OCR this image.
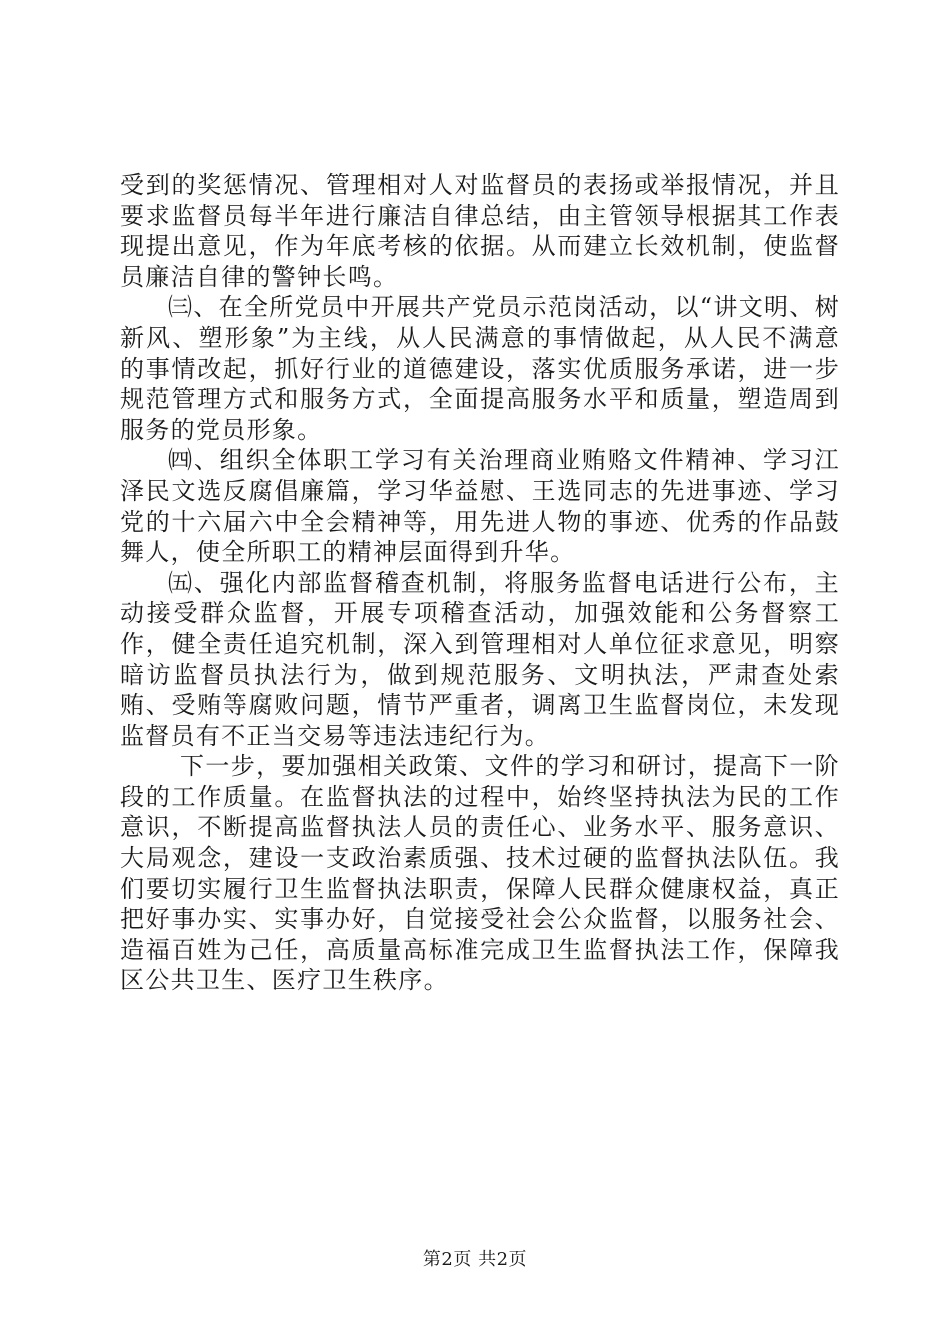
受到的奖惩情况、管理相对人对监督员的表扬或举报情况，并且要求监督员每半年进行廉洁自律总结，由主管领导根据其工作表现提出意见，作为年底考核的依据。从而建立长效机制，使监督员廉洁自律的警钟长鸣。

㈢、在全所党员中开展共产党员示范岗活动，以“讲文明、树新风、塑形象”为主线，从人民满意的事情做起，从人民不满意的事情改起，抓好行业的道德建设，落实优质服务承诺，进一步规范管理方式和服务方式，全面提高服务水平和质量，塑造周到服务的党员形象。

㈣、组织全体职工学习有关治理商业贿赂文件精神、学习江泽民文选反腐倡廉篇，学习华益慰、王选同志的先进事迹、学习党的十六届六中全会精神等，用先进人物的事迹、优秀的作品鼓舞人，使全所职工的精神层面得到升华。

㈤、强化内部监督稽查机制，将服务监督电话进行公布，主动接受群众监督，开展专项稽查活动，加强效能和公务督察工作，健全责任追究机制，深入到管理相对人单位征求意见，明察暗访监督员执法行为，做到规范服务、文明执法，严肃查处索贿、受贿等腐败问题，情节严重者，调离卫生监督岗位，未发现监督员有不正当交易等违法违纪行为。

下一步，要加强相关政策、文件的学习和研讨，提高下一阶段的工作质量。在监督执法的过程中，始终坚持执法为民的工作意识，不断提高监督执法人员的责任心、业务水平、服务意识、大局观念，建设一支政治素质强、技术过硬的监督执法队伍。我们要切实履行卫生监督执法职责，保障人民群众健康权益，真正把好事办实、实事办好，自觉接受社会公众监督，以服务社会、造福百姓为己任，高质量高标准完成卫生监督执法工作，保障我区公共卫生、医疗卫生秩序。

第2页 共2页
